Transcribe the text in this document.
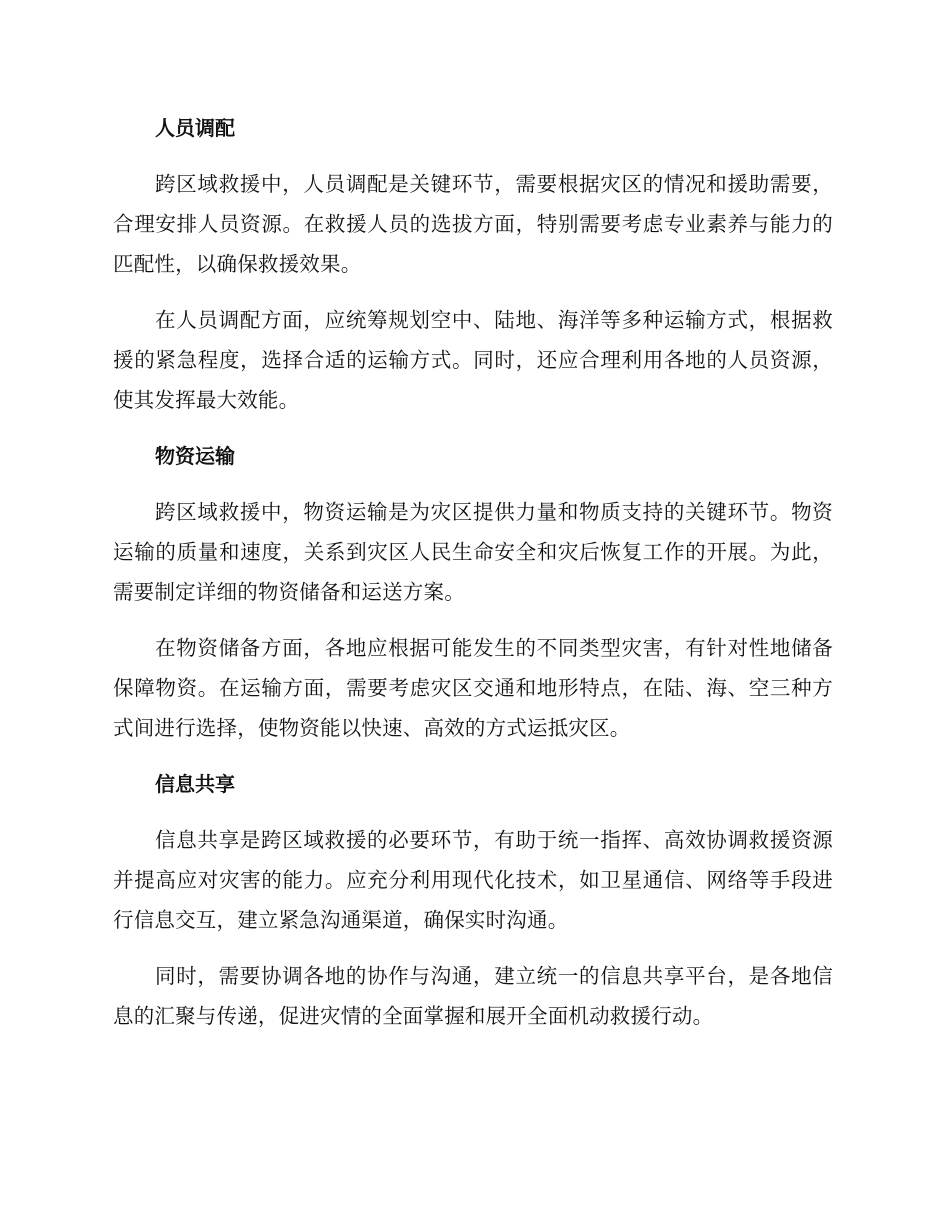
人员调配

跨区域救援中，人员调配是关键环节，需要根据灾区的情况和援助需要，合理安排人员资源。在救援人员的选拔方面，特别需要考虑专业素养与能力的匹配性，以确保救援效果。

在人员调配方面，应统筹规划空中、陆地、海洋等多种运输方式，根据救援的紧急程度，选择合适的运输方式。同时，还应合理利用各地的人员资源，使其发挥最大效能。

物资运输

跨区域救援中，物资运输是为灾区提供力量和物质支持的关键环节。物资运输的质量和速度，关系到灾区人民生命安全和灾后恢复工作的开展。为此，需要制定详细的物资储备和运送方案。

在物资储备方面，各地应根据可能发生的不同类型灾害，有针对性地储备保障物资。在运输方面，需要考虑灾区交通和地形特点，在陆、海、空三种方式间进行选择，使物资能以快速、高效的方式运抵灾区。

信息共享

信息共享是跨区域救援的必要环节，有助于统一指挥、高效协调救援资源并提高应对灾害的能力。应充分利用现代化技术，如卫星通信、网络等手段进行信息交互，建立紧急沟通渠道，确保实时沟通。

同时，需要协调各地的协作与沟通，建立统一的信息共享平台，是各地信息的汇聚与传递，促进灾情的全面掌握和展开全面机动救援行动。
